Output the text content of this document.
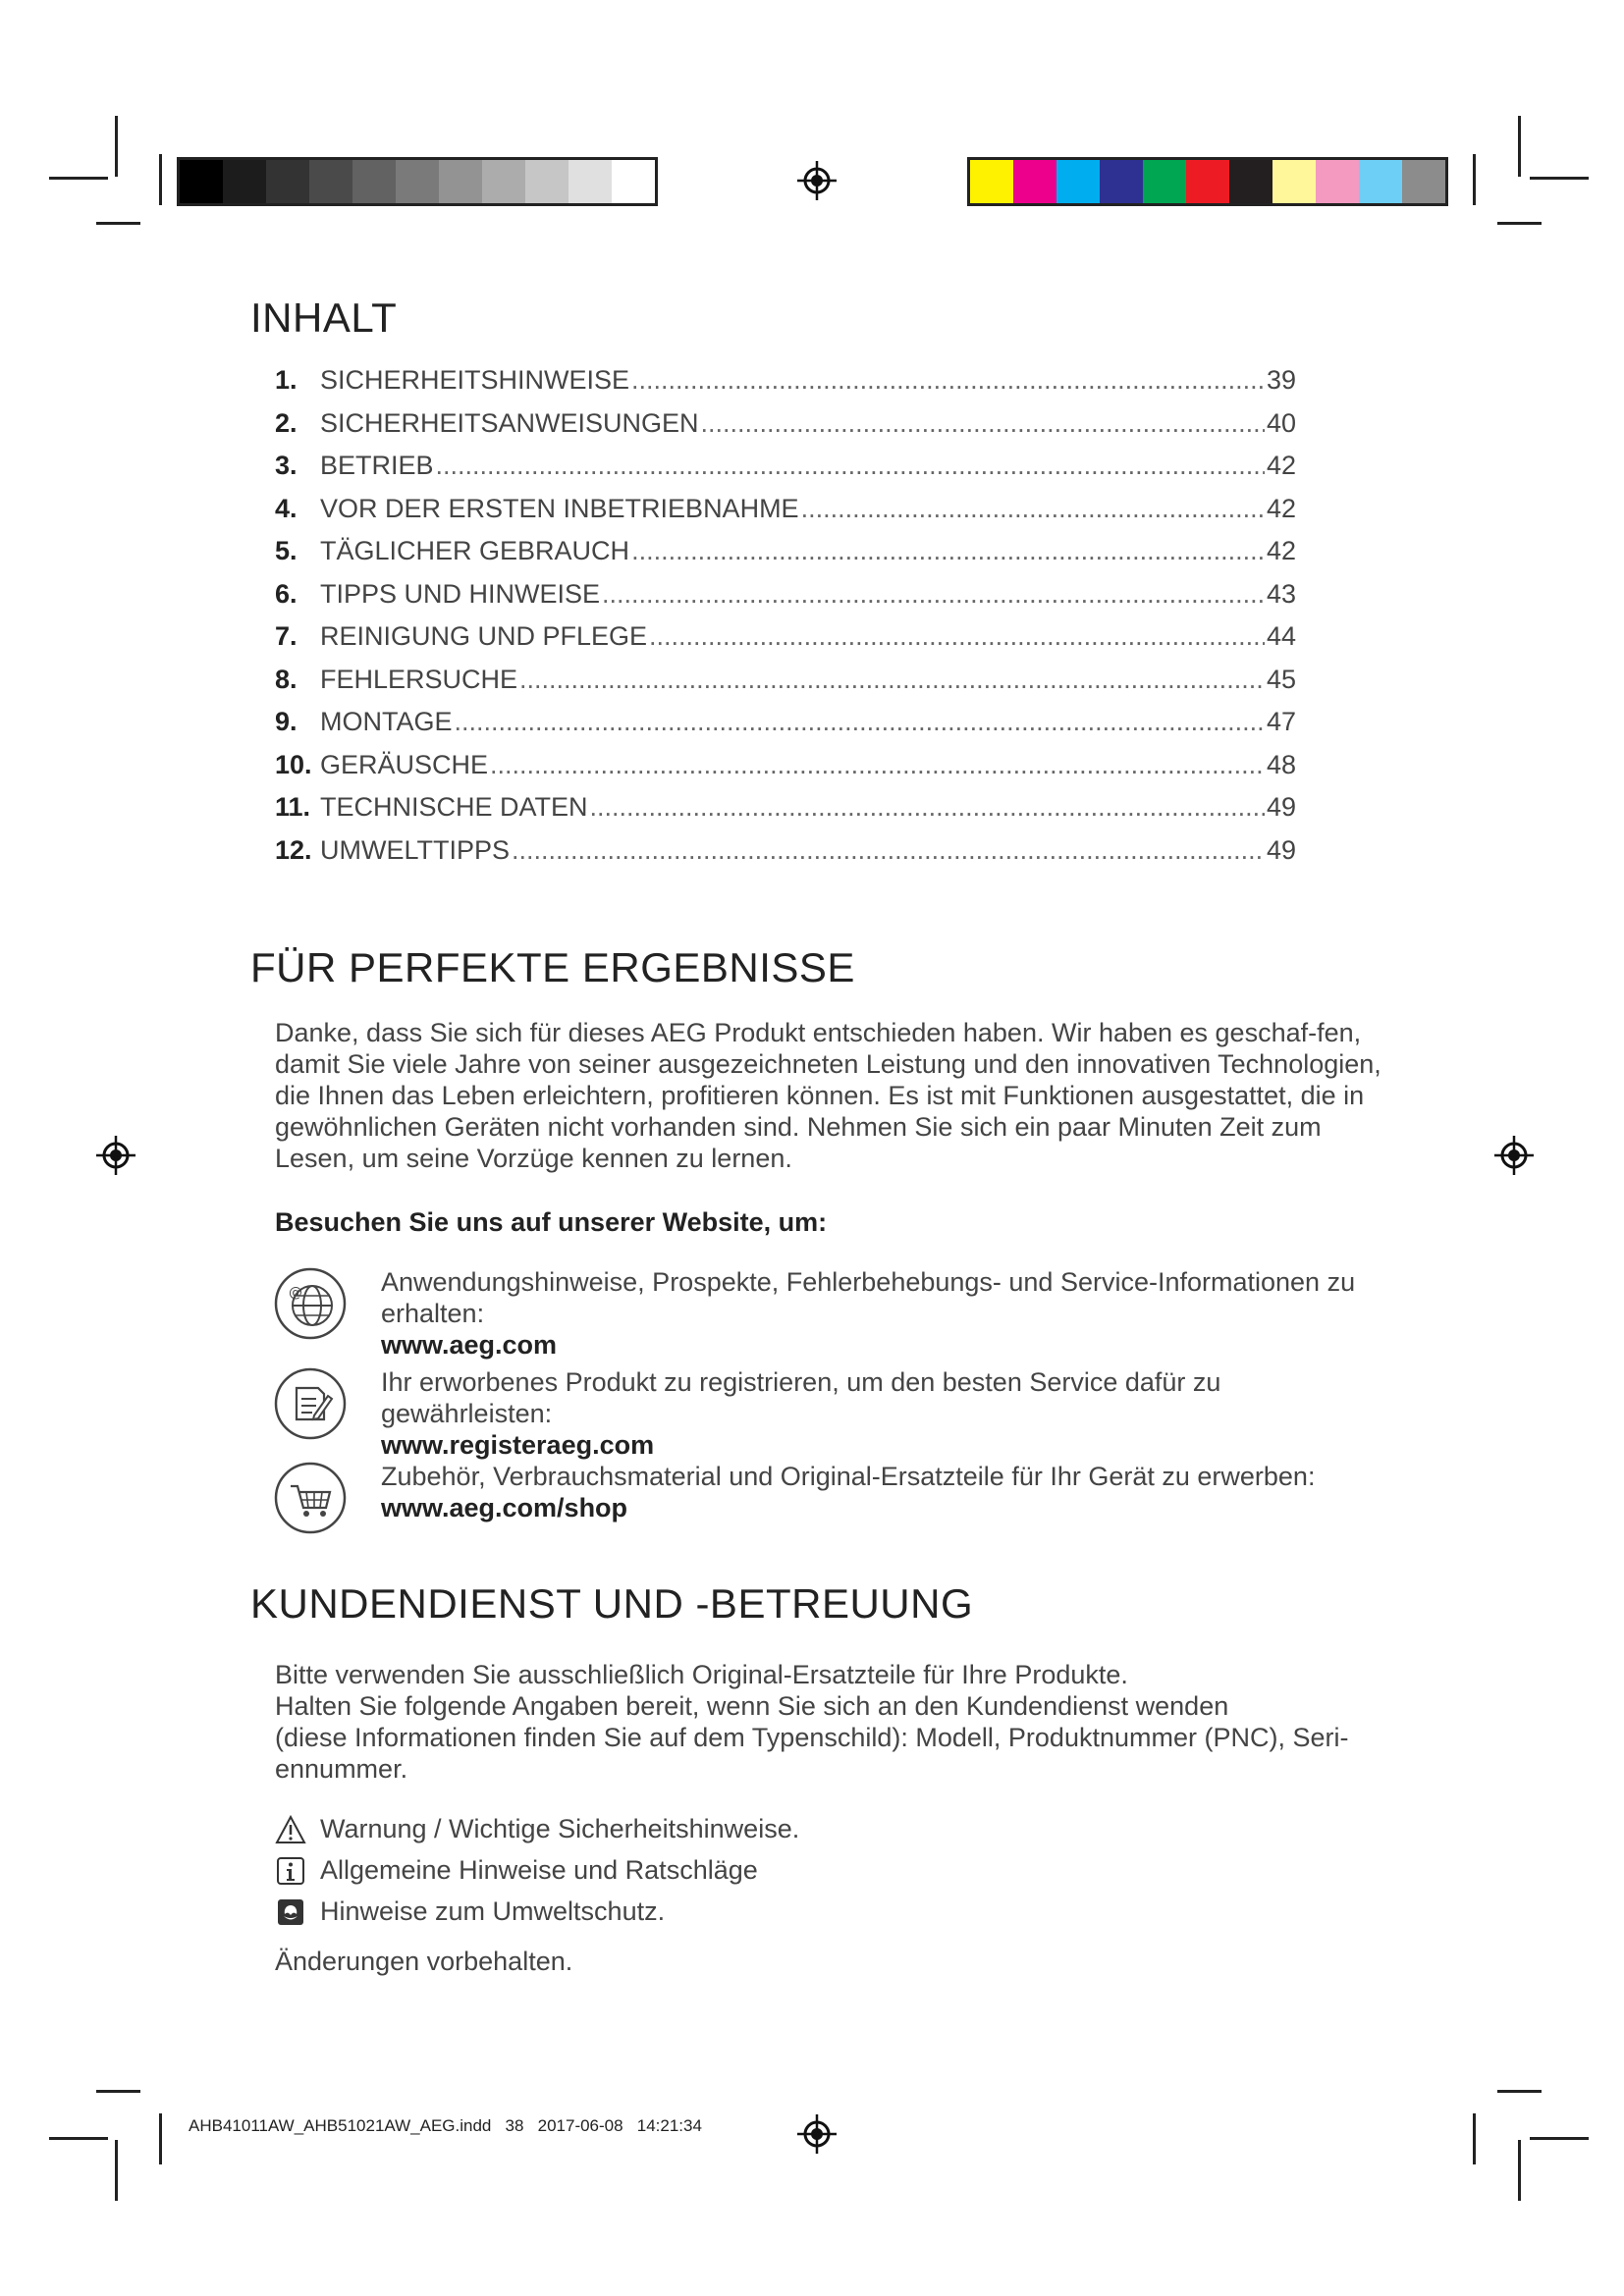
INHALT
1. SICHERHEITSHINWEISE .....	39
2. SICHERHEITSANWEISUNGEN .....	40
3. BETRIEB .....	42
4. VOR DER ERSTEN INBETRIEBNAHME .....	42
5. TÄGLICHER GEBRAUCH .....	42
6. TIPPS UND HINWEISE .....	43
7. REINIGUNG UND PFLEGE .....	44
8. FEHLERSUCHE .....	45
9. MONTAGE .....	47
10. GERÄUSCHE .....	48
11. TECHNISCHE DATEN .....	49
12. UMWELTTIPPS .....	49
FÜR PERFEKTE ERGEBNISSE

Danke, dass Sie sich für dieses AEG Produkt entschieden haben. Wir haben es geschaf-fen, damit Sie viele Jahre von seiner ausgezeichneten Leistung und den innovativen Technologien, die Ihnen das Leben erleichtern, profitieren können. Es ist mit Funktionen ausgestattet, die in gewöhnlichen Geräten nicht vorhanden sind. Nehmen Sie sich ein paar Minuten Zeit zum Lesen, um seine Vorzüge kennen zu lernen.

Besuchen Sie uns auf unserer Website, um:
@	Anwendungshinweise, Prospekte, Fehlerbehebungs- und Service-Informationen zu erhalten:
www.aeg.com
Ihr erworbenes Produkt zu registrieren, um den besten Service dafür zu gewährleisten:
www.registeraeg.com
Zubehör, Verbrauchsmaterial und Original-Ersatzteile für Ihr Gerät zu erwerben:
www.aeg.com/shop
KUNDENDIENST UND -BETREUUNG

Bitte verwenden Sie ausschließlich Original-Ersatzteile für Ihre Produkte.
Halten Sie folgende Angaben bereit, wenn Sie sich an den Kundendienst wenden
(diese Informationen finden Sie auf dem Typenschild): Modell, Produktnummer (PNC), Seri-ennummer.

Warnung / Wichtige Sicherheitshinweise.
Allgemeine Hinweise und Ratschläge
Hinweise zum Umweltschutz.
Änderungen vorbehalten.
AHB41011AW_AHB51021AW_AEG.indd   38   2017-06-08   14:21:34
